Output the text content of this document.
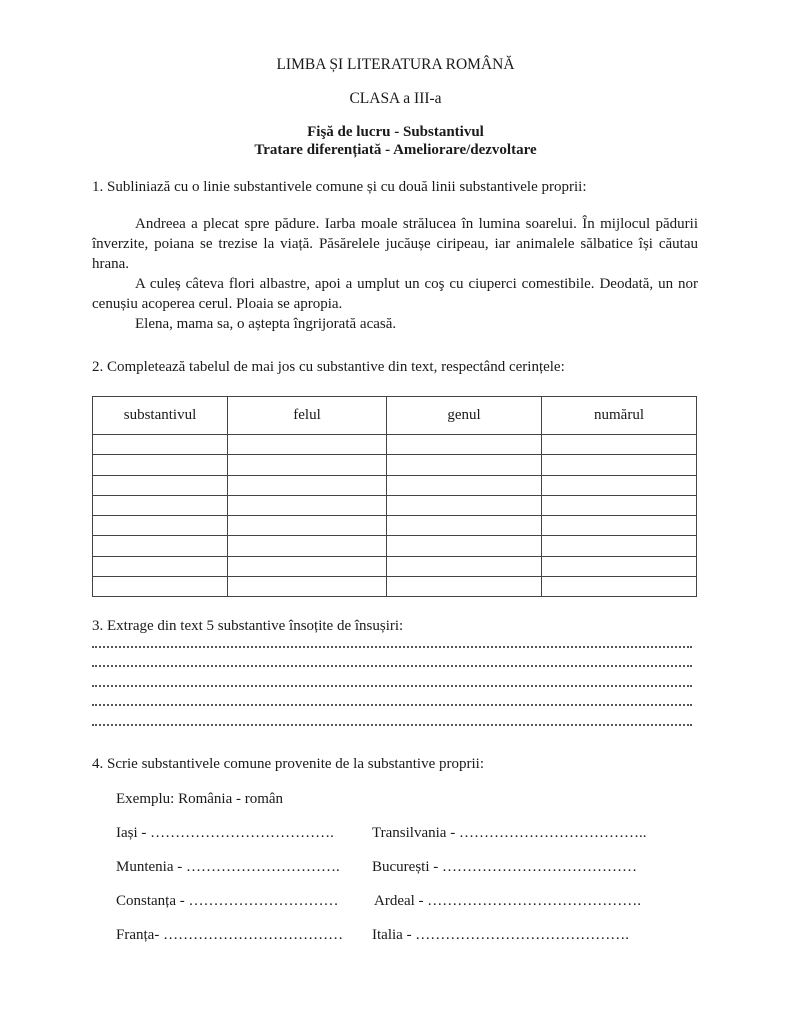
LIMBA ȘI LITERATURA ROMÂNĂ
CLASA a III-a
Fişă de lucru - Substantivul
Tratare diferențiată - Ameliorare/dezvoltare
1. Subliniază cu o linie substantivele comune și cu două linii substantivele proprii:

Andreea a plecat spre pădure. Iarba moale strălucea în lumina soarelui. În mijlocul pădurii înverzite, poiana se trezise la viață. Păsărelele jucăușe ciripeau, iar animalele sălbatice își căutau hrana.

A culeș câteva flori albastre, apoi a umplut un coş cu ciuperci comestibile. Deodată, un nor cenușiu acoperea cerul. Ploaia se apropia.

Elena, mama sa, o aștepta îngrijorată acasă.

2. Completează tabelul de mai jos cu substantive din text, respectând cerințele:
substantivul	felul	genul	numărul

3. Extrage din text 5 substantive însoțite de însușiri:
4. Scrie substantivele comune provenite de la substantive proprii:
Exemplu: România - român
Iași - ……………………………….	Transilvania - ………………………………..
Muntenia - …………………………. București - …………………………………
Constanța - ………………………… Ardeal - …………………………………….
Franța- ……………………………… Italia - …………………………………….
